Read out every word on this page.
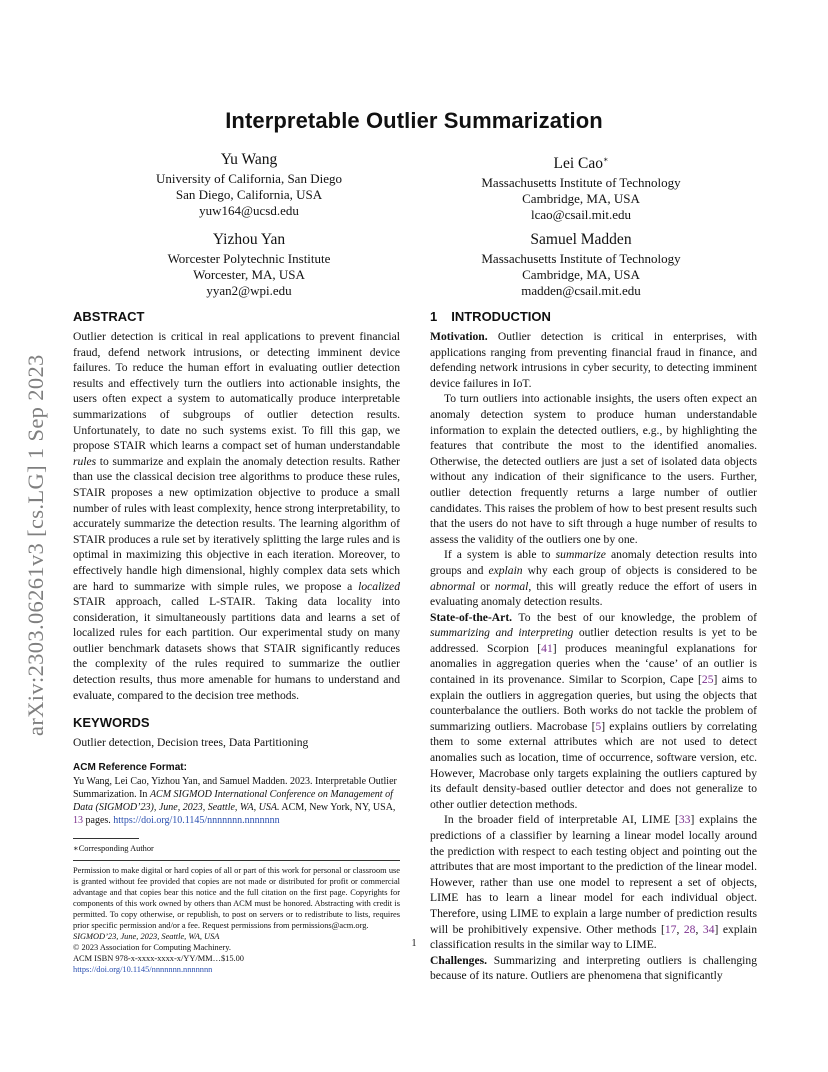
Interpretable Outlier Summarization
arXiv:2303.06261v3 [cs.LG] 1 Sep 2023
Yu Wang
University of California, San Diego
San Diego, California, USA
yuw164@ucsd.edu
Lei Cao∗
Massachusetts Institute of Technology
Cambridge, MA, USA
lcao@csail.mit.edu
Yizhou Yan
Worcester Polytechnic Institute
Worcester, MA, USA
yyan2@wpi.edu
Samuel Madden
Massachusetts Institute of Technology
Cambridge, MA, USA
madden@csail.mit.edu
ABSTRACT

Outlier detection is critical in real applications to prevent financial fraud, defend network intrusions, or detecting imminent device failures. To reduce the human effort in evaluating outlier detection results and effectively turn the outliers into actionable insights, the users often expect a system to automatically produce interpretable summarizations of subgroups of outlier detection results. Unfortunately, to date no such systems exist. To fill this gap, we propose STAIR which learns a compact set of human understandable rules to summarize and explain the anomaly detection results. Rather than use the classical decision tree algorithms to produce these rules, STAIR proposes a new optimization objective to produce a small number of rules with least complexity, hence strong interpretability, to accurately summarize the detection results. The learning algorithm of STAIR produces a rule set by iteratively splitting the large rules and is optimal in maximizing this objective in each iteration. Moreover, to effectively handle high dimensional, highly complex data sets which are hard to summarize with simple rules, we propose a localized STAIR approach, called L-STAIR. Taking data locality into consideration, it simultaneously partitions data and learns a set of localized rules for each partition. Our experimental study on many outlier benchmark datasets shows that STAIR significantly reduces the complexity of the rules required to summarize the outlier detection results, thus more amenable for humans to understand and evaluate, compared to the decision tree methods.

KEYWORDS

Outlier detection, Decision trees, Data Partitioning

ACM Reference Format:

Yu Wang, Lei Cao, Yizhou Yan, and Samuel Madden. 2023. Interpretable Outlier Summarization. In ACM SIGMOD International Conference on Management of Data (SIGMOD’23), June, 2023, Seattle, WA, USA. ACM, New York, NY, USA, 13 pages. https://doi.org/10.1145/nnnnnnn.nnnnnnn

∗Corresponding Author
Permission to make digital or hard copies of all or part of this work for personal or classroom use is granted without fee provided that copies are not made or distributed for profit or commercial advantage and that copies bear this notice and the full citation on the first page. Copyrights for components of this work owned by others than ACM must be honored. Abstracting with credit is permitted. To copy otherwise, or republish, to post on servers or to redistribute to lists, requires prior specific permission and/or a fee. Request permissions from permissions@acm.org.
SIGMOD’23, June, 2023, Seattle, WA, USA
© 2023 Association for Computing Machinery.
ACM ISBN 978-x-xxxx-xxxx-x/YY/MM…$15.00
https://doi.org/10.1145/nnnnnnn.nnnnnnn
1 INTRODUCTION

Motivation. Outlier detection is critical in enterprises, with applications ranging from preventing financial fraud in finance, and defending network intrusions in cyber security, to detecting imminent device failures in IoT.

To turn outliers into actionable insights, the users often expect an anomaly detection system to produce human understandable information to explain the detected outliers, e.g., by highlighting the features that contribute the most to the identified anomalies. Otherwise, the detected outliers are just a set of isolated data objects without any indication of their significance to the users. Further, outlier detection frequently returns a large number of outlier candidates. This raises the problem of how to best present results such that the users do not have to sift through a huge number of results to assess the validity of the outliers one by one.

If a system is able to summarize anomaly detection results into groups and explain why each group of objects is considered to be abnormal or normal, this will greatly reduce the effort of users in evaluating anomaly detection results.

State-of-the-Art. To the best of our knowledge, the problem of summarizing and interpreting outlier detection results is yet to be addressed. Scorpion [41] produces meaningful explanations for anomalies in aggregation queries when the ‘cause’ of an outlier is contained in its provenance. Similar to Scorpion, Cape [25] aims to explain the outliers in aggregation queries, but using the objects that counterbalance the outliers. Both works do not tackle the problem of summarizing outliers. Macrobase [5] explains outliers by correlating them to some external attributes which are not used to detect anomalies such as location, time of occurrence, software version, etc. However, Macrobase only targets explaining the outliers captured by its default density-based outlier detector and does not generalize to other outlier detection methods.

In the broader field of interpretable AI, LIME [33] explains the predictions of a classifier by learning a linear model locally around the prediction with respect to each testing object and pointing out the attributes that are most important to the prediction of the linear model. However, rather than use one model to represent a set of objects, LIME has to learn a linear model for each individual object. Therefore, using LIME to explain a large number of prediction results will be prohibitively expensive. Other methods [17, 28, 34] explain classification results in the similar way to LIME.

Challenges. Summarizing and interpreting outliers is challenging because of its nature. Outliers are phenomena that significantly

1
